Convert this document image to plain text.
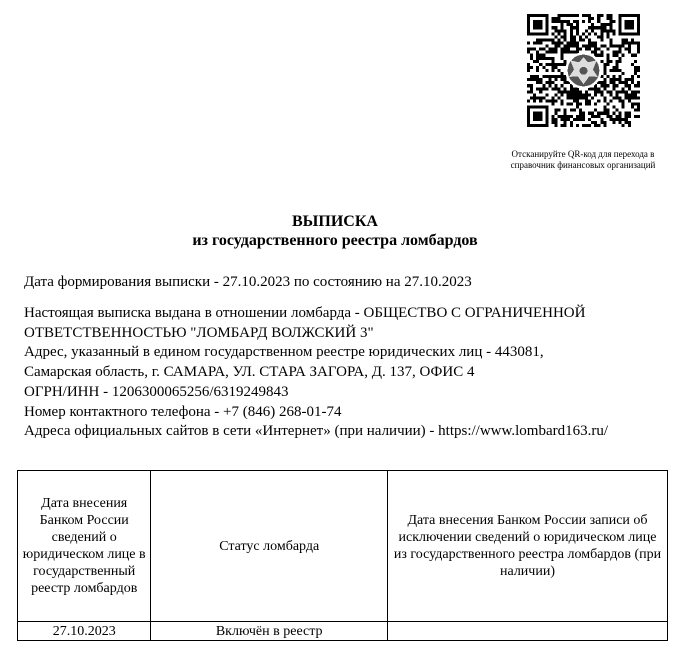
Отсканируйте QR-код для перехода в справочник финансовых организаций
ВЫПИСКА
из государственного реестра ломбардов
Дата формирования выписки - 27.10.2023 по состоянию на 27.10.2023
Настоящая выписка выдана в отношении ломбарда - ОБЩЕСТВО С ОГРАНИЧЕННОЙ
ОТВЕТСТВЕННОСТЬЮ "ЛОМБАРД ВОЛЖСКИЙ 3"
Адрес, указанный в едином государственном реестре юридических лиц - 443081,
Самарская область, г. САМАРА, УЛ. СТАРА ЗАГОРА, Д. 137, ОФИС 4
ОГРН/ИНН - 1206300065256/6319249843
Номер контактного телефона - +7 (846) 268-01-74
Адреса официальных сайтов в сети «Интернет» (при наличии) - https://www.lombard163.ru/
Дата внесения Банком России сведений о юридическом лице в государственный реестр ломбардов	Статус ломбарда	Дата внесения Банком России записи об исключении сведений о юридическом лице из государственного реестра ломбардов (при наличии)
27.10.2023	Включён в реестр	
